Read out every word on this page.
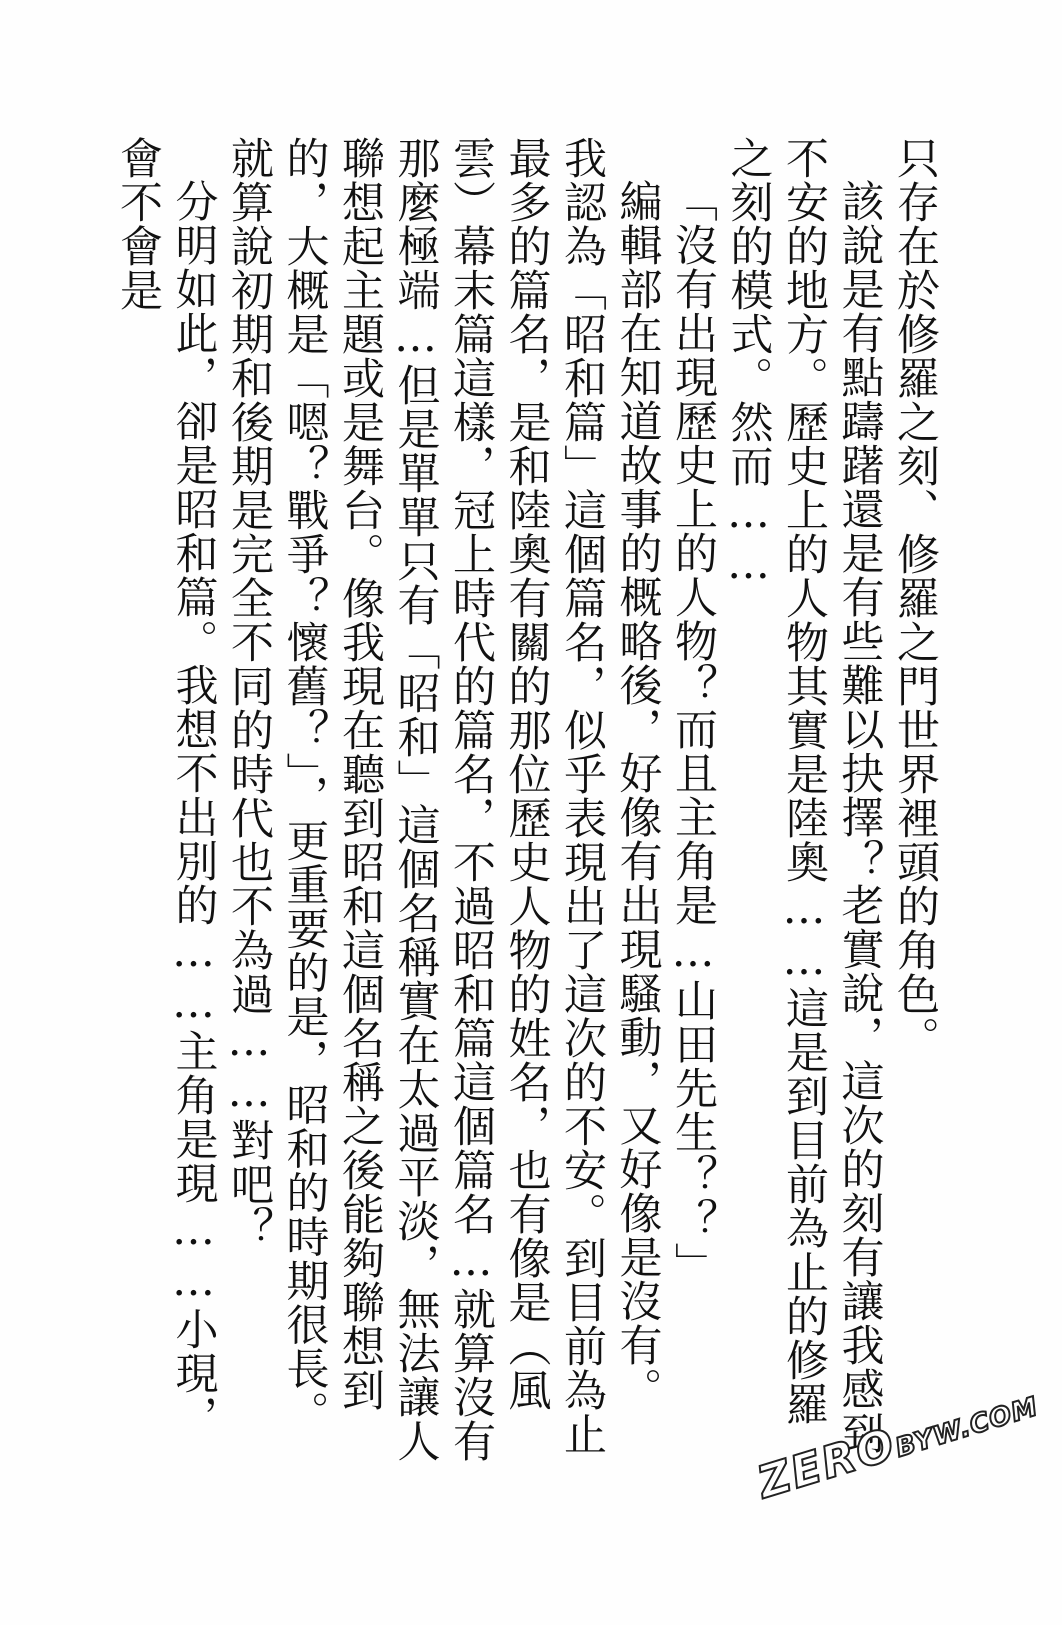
只存在於修羅之刻、修羅之門世界裡頭的角色。

該說是有點躊躇還是有些難以抉擇？老實說，這次的刻有讓我感到不安的地方。歷史上的人物其實是陸奧……這是到目前為止的修羅之刻的模式。然而……

「沒有出現歷史上的人物？而且主角是…山田先生？？」

編輯部在知道故事的概略後，好像有出現騷動，又好像是沒有。

我認為「昭和篇」這個篇名，似乎表現出了這次的不安。到目前為止最多的篇名，是和陸奧有關的那位歷史人物的姓名，也有像是（風雲）幕末篇這樣，冠上時代的篇名，不過昭和篇這個篇名…就算沒有那麼極端…但是單單只有「昭和」這個名稱實在太過平淡，無法讓人聯想起主題或是舞台。像我現在聽到昭和這個名稱之後能夠聯想到的，大概是「嗯？戰爭？懷舊？」，更重要的是，昭和的時期很長。就算說初期和後期是完全不同的時代也不為過……對吧？

分明如此，卻是昭和篇。我想不出別的……主角是現……小現，會不會是

ZEROBYW.COM
